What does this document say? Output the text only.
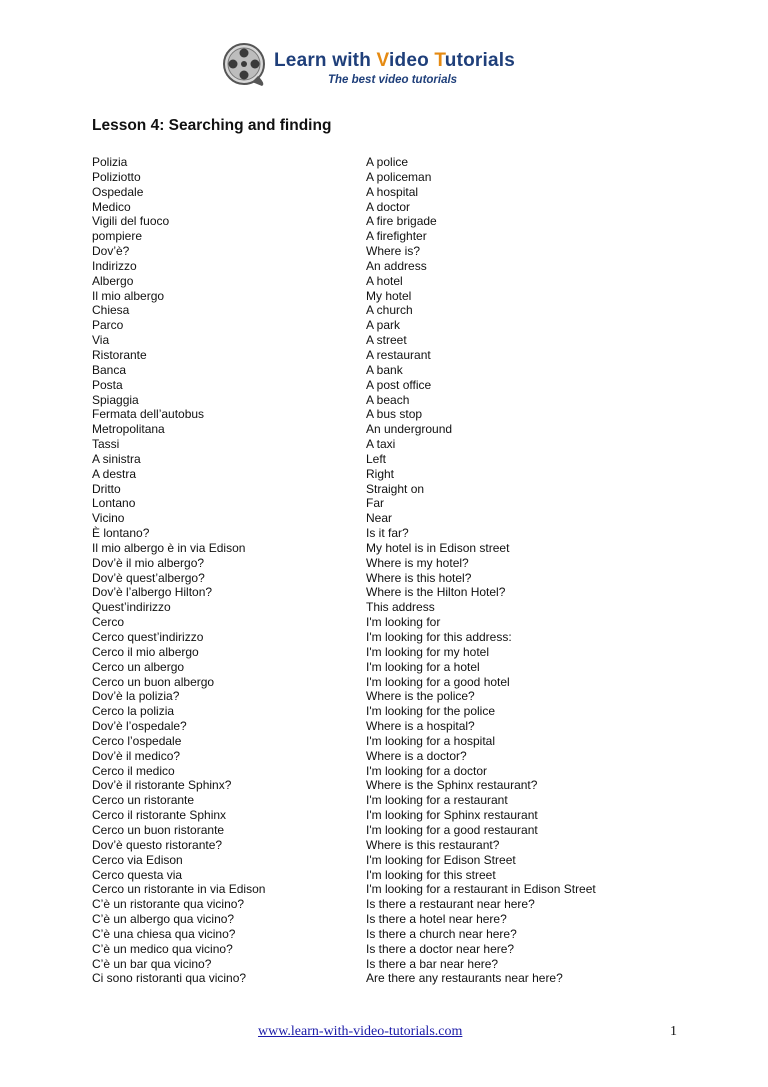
Learn with Video Tutorials
The best video tutorials
Lesson 4: Searching and finding
Polizia	A police
Poliziotto	A policeman
Ospedale	A hospital
Medico	A doctor
Vigili del fuoco	A fire brigade
pompiere	A firefighter
Dov’è?	Where is?
Indirizzo	An address
Albergo	A hotel
Il mio albergo	My hotel
Chiesa	A church
Parco	A park
Via	A street
Ristorante	A restaurant
Banca	A bank
Posta	A post office
Spiaggia	A beach
Fermata dell’autobus	A bus stop
Metropolitana	An underground
Tassi	A taxi
A sinistra	Left
A destra	Right
Dritto	Straight on
Lontano	Far
Vicino	Near
È lontano?	Is it far?
Il mio albergo è in via Edison	My hotel is in Edison street
Dov’è il mio albergo?	Where is my hotel?
Dov’è quest’albergo?	Where is this hotel?
Dov’è l’albergo Hilton?	Where is the Hilton Hotel?
Quest’indirizzo	This address
Cerco	I'm looking for
Cerco quest’indirizzo	I'm looking for this address:
Cerco il mio albergo	I'm looking for my hotel
Cerco un albergo	I'm looking for a hotel
Cerco un buon albergo	I'm looking for a good hotel
Dov’è la polizia?	Where is the police?
Cerco la polizia	I'm looking for the police
Dov’è l’ospedale?	Where is a hospital?
Cerco l’ospedale	I'm looking for a hospital
Dov’è il medico?	Where is a doctor?
Cerco il medico	I'm looking for a doctor
Dov’è il ristorante Sphinx?	Where is the Sphinx restaurant?
Cerco un ristorante	I'm looking for a restaurant
Cerco il ristorante Sphinx	I'm looking for Sphinx restaurant
Cerco un buon ristorante	I'm looking for a good restaurant
Dov’è questo ristorante?	Where is this restaurant?
Cerco via Edison	I'm looking for Edison Street
Cerco questa via	I'm looking for this street
Cerco un ristorante in via Edison	I'm looking for a restaurant in Edison Street
C’è un ristorante qua vicino?	Is there a restaurant near here?
C’è un albergo qua vicino?	Is there a hotel near here?
C’è una chiesa qua vicino?	Is there a church near here?
C’è un medico qua vicino?	Is there a doctor near here?
C’è un bar qua vicino?	Is there a bar near here?
Ci sono ristoranti qua vicino?	Are there any restaurants near here?
www.learn-with-video-tutorials.com	1
